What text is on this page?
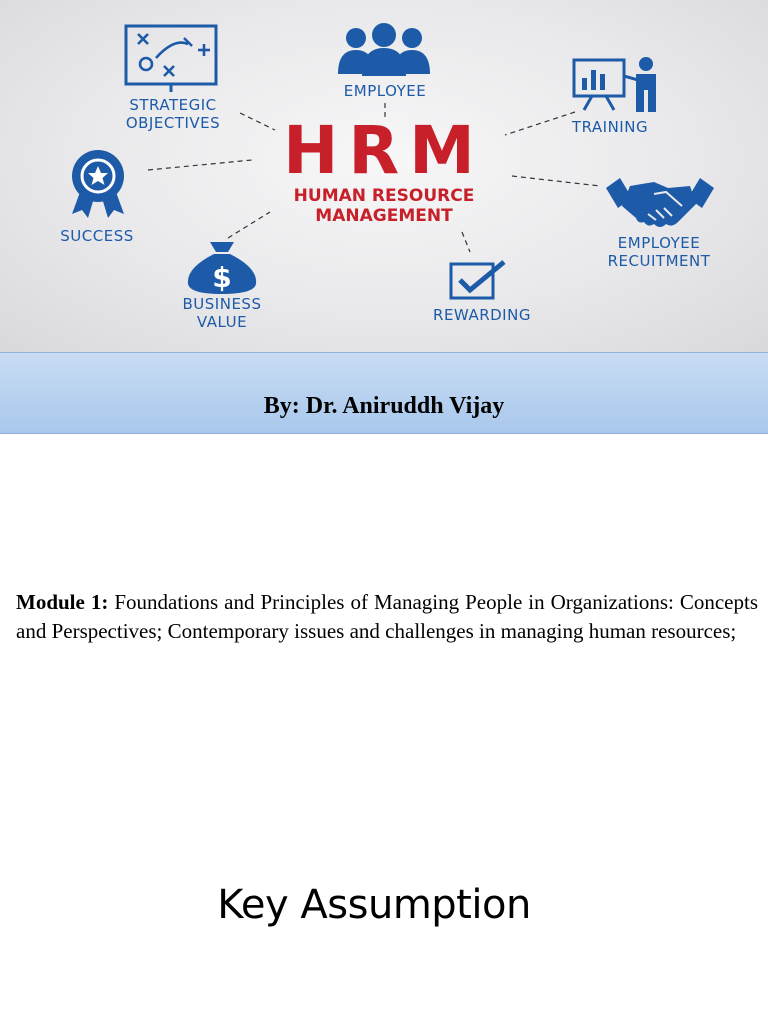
STRATEGIC
OBJECTIVES
EMPLOYEE
TRAINING
SUCCESS
HRM
HUMAN RESOURCE
MANAGEMENT
EMPLOYEE
RECUITMENT
$
BUSINESS
VALUE	REWARDING
By: Dr. Aniruddh Vijay
Module 1: Foundations and Principles of Managing People in Organizations: Concepts and Perspectives; Contemporary issues and challenges in managing human resources;
Key Assumption
